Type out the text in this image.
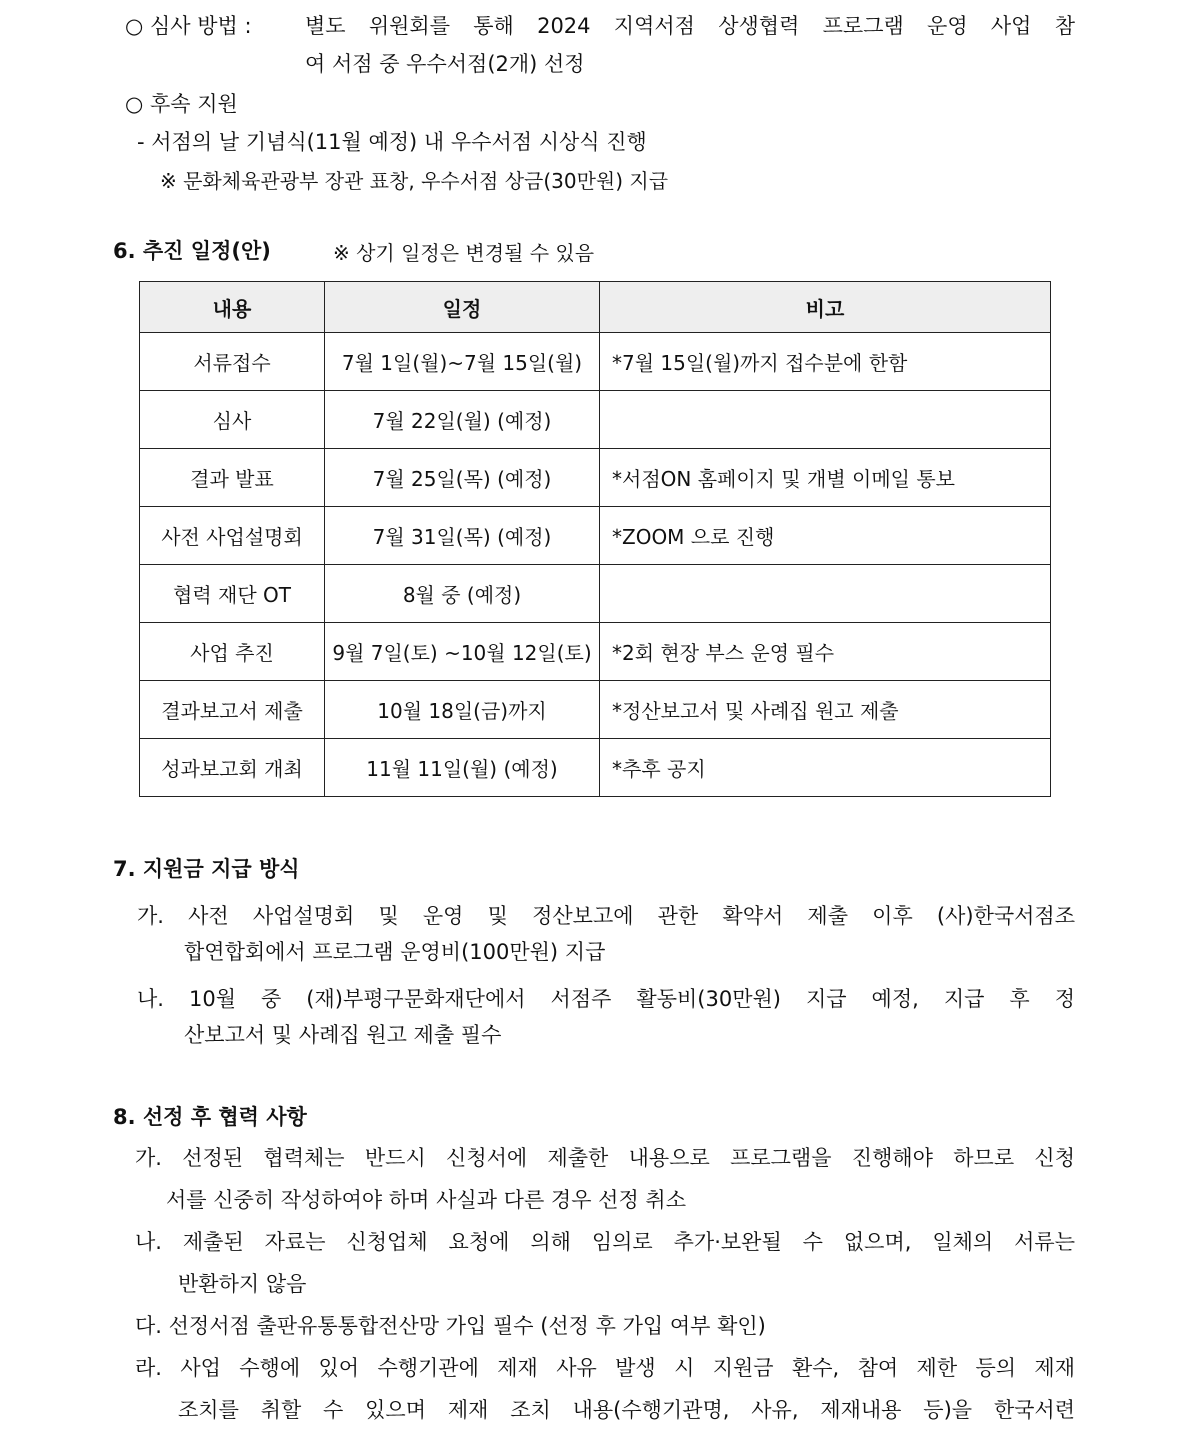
○ 심사 방법 :	별도 위원회를 통해 2024 지역서점 상생협력 프로그램 운영 사업 참
여 서점 중 우수서점(2개) 선정
○ 후속 지원
- 서점의 날 기념식(11월 예정) 내 우수서점 시상식 진행
※ 문화체육관광부 장관 표창, 우수서점 상금(30만원) 지급
6. 추진 일정(안)	※ 상기 일정은 변경될 수 있음
내용	일정	비고
서류접수	7월 1일(월)~7월 15일(월)	*7월 15일(월)까지 접수분에 한함
심사	7월 22일(월) (예정)	
결과 발표	7월 25일(목) (예정)	*서점ON 홈페이지 및 개별 이메일 통보
사전 사업설명회	7월 31일(목) (예정)	*ZOOM 으로 진행
협력 재단 OT	8월 중 (예정)	
사업 추진	9월 7일(토) ~10월 12일(토)	*2회 현장 부스 운영 필수
결과보고서 제출	10월 18일(금)까지	*정산보고서 및 사례집 원고 제출
성과보고회 개최	11월 11일(월) (예정)	*추후 공지
7. 지원금 지급 방식
가. 사전 사업설명회 및 운영 및 정산보고에 관한 확약서 제출 이후 (사)한국서점조
합연합회에서 프로그램 운영비(100만원) 지급
나. 10월 중 (재)부평구문화재단에서 서점주 활동비(30만원) 지급 예정, 지급 후 정
산보고서 및 사례집 원고 제출 필수
8. 선정 후 협력 사항
가. 선정된 협력체는 반드시 신청서에 제출한 내용으로 프로그램을 진행해야 하므로 신청
서를 신중히 작성하여야 하며 사실과 다른 경우 선정 취소
나. 제출된 자료는 신청업체 요청에 의해 임의로 추가·보완될 수 없으며, 일체의 서류는
반환하지 않음
다. 선정서점 출판유통통합전산망 가입 필수 (선정 후 가입 여부 확인)
라. 사업 수행에 있어 수행기관에 제재 사유 발생 시 지원금 환수, 참여 제한 등의 제재
조치를 취할 수 있으며 제재 조치 내용(수행기관명, 사유, 제재내용 등)을 한국서련
